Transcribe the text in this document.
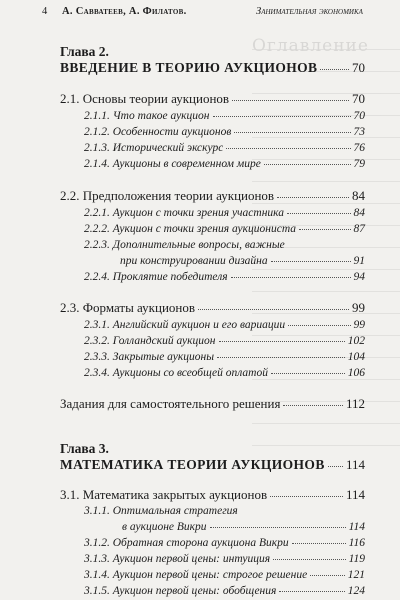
Оглавление
4 А. Савватеев, А. Филатов.	Занимательная экономика
Глава 2.
ВВЕДЕНИЕ В ТЕОРИЮ АУКЦИОНОВ	70
2.1. Основы теории аукционов	70
2.1.1. Что такое аукцион	70
2.1.2. Особенности аукционов	73
2.1.3. Исторический экскурс	76
2.1.4. Аукционы в современном мире	79
2.2. Предположения теории аукционов	84
2.2.1. Аукцион с точки зрения участника	84
2.2.2. Аукцион с точки зрения аукциониста	87
2.2.3. Дополнительные вопросы, важные
при конструировании дизайна	91
2.2.4. Проклятие победителя	94
2.3. Форматы аукционов	99
2.3.1. Английский аукцион и его вариации	99
2.3.2. Голландский аукцион	102
2.3.3. Закрытые аукционы	104
2.3.4. Аукционы со всеобщей оплатой	106
Задания для самостоятельного решения	112
Глава 3.
МАТЕМАТИКА ТЕОРИИ АУКЦИОНОВ 114
3.1. Математика закрытых аукционов	114
3.1.1. Оптимальная стратегия
в аукционе Викри	114
3.1.2. Обратная сторона аукциона Викри	116
3.1.3. Аукцион первой цены: интуиция	119
3.1.4. Аукцион первой цены: строгое решение	121
3.1.5. Аукцион первой цены: обобщения	124
